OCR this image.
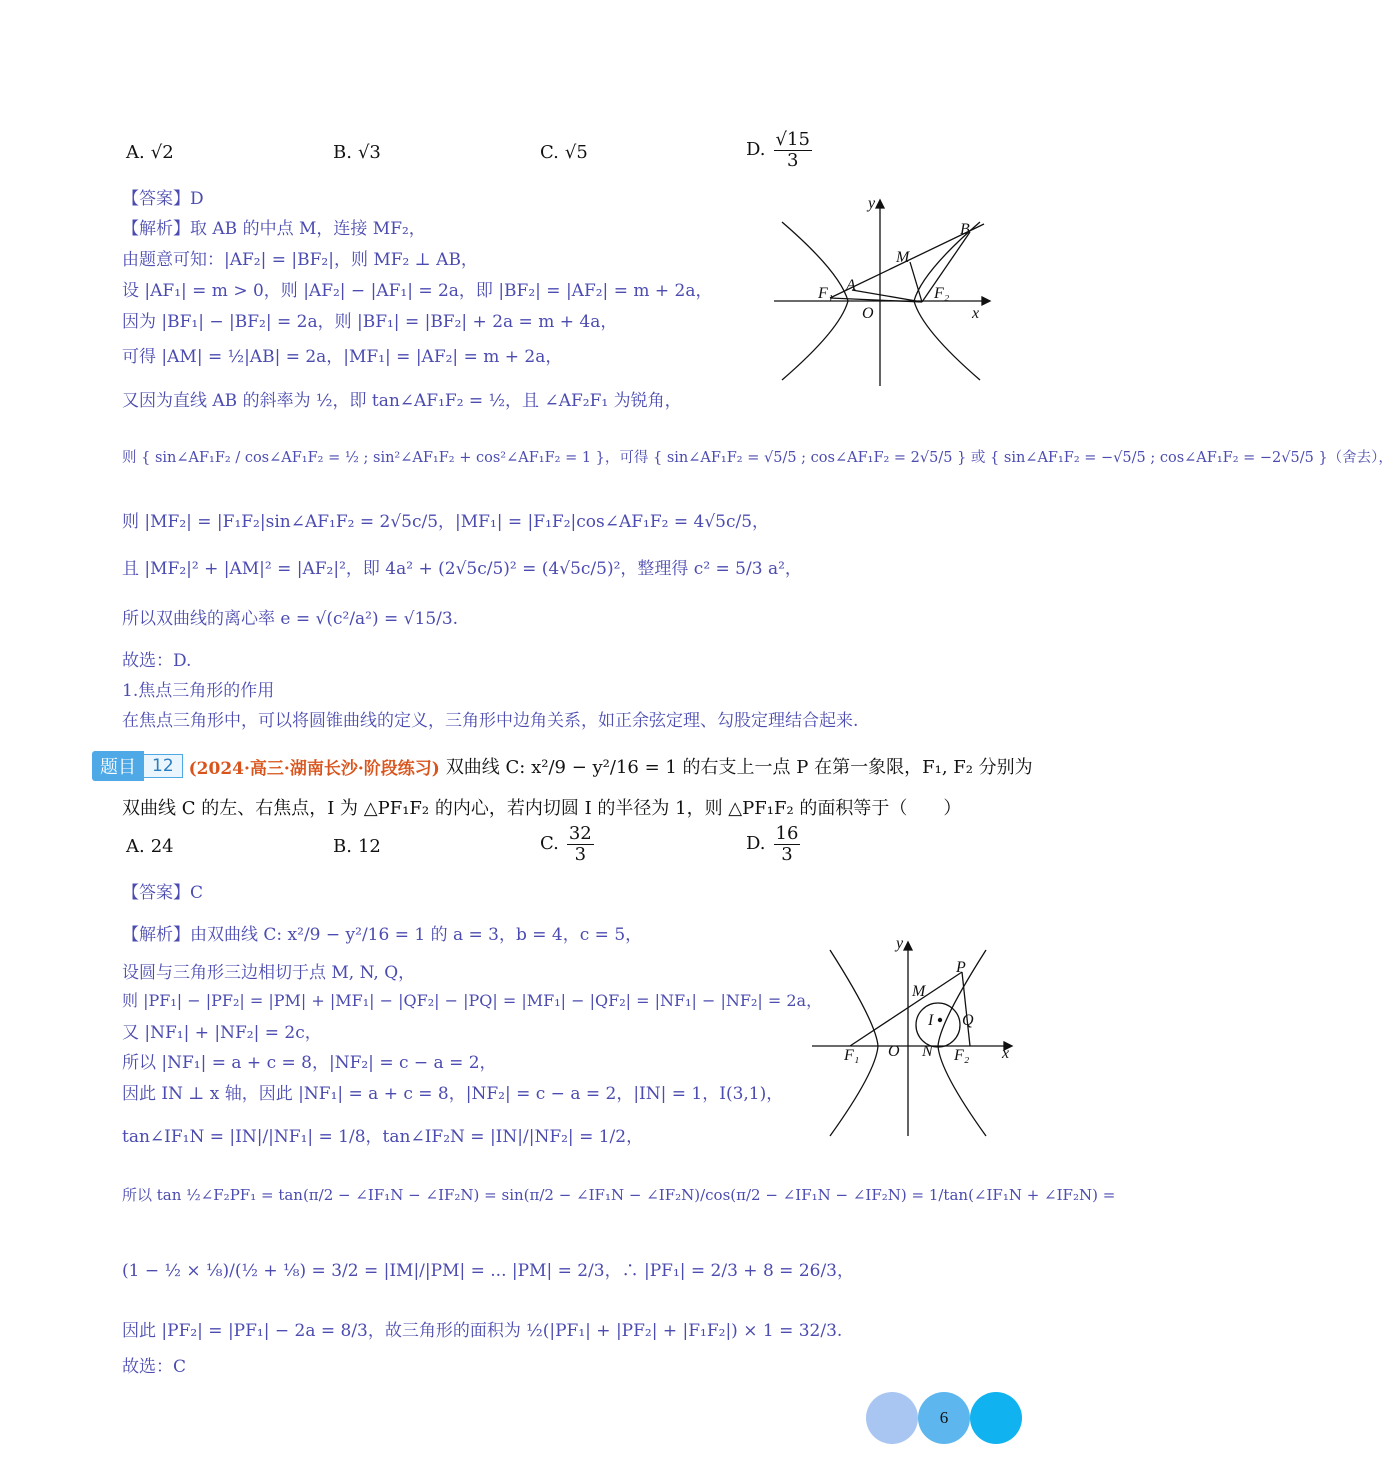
A. √2	B. √3	C. √5	D. $\frac{√15}{3}$
【答案】D
【解析】取 AB 的中点 M，连接 MF₂，
由题意可知：|AF₂| = |BF₂|，则 MF₂ ⊥ AB，
设 |AF₁| = m > 0，则 |AF₂| − |AF₁| = 2a，即 |BF₂| = |AF₂| = m + 2a，
因为 |BF₁| − |BF₂| = 2a，则 |BF₁| = |BF₂| + 2a = m + 4a，
可得 |AM| = ½|AB| = 2a，|MF₁| = |AF₂| = m + 2a，
又因为直线 AB 的斜率为 ½，即 tan∠AF₁F₂ = ½，且 ∠AF₂F₁ 为锐角，
则 { sin∠AF₁F₂ / cos∠AF₁F₂ = ½ ; sin²∠AF₁F₂ + cos²∠AF₁F₂ = 1 }，可得 { sin∠AF₁F₂ = √5/5 ; cos∠AF₁F₂ = 2√5/5 } 或 { sin∠AF₁F₂ = −√5/5 ; cos∠AF₁F₂ = −2√5/5 }（舍去），
则 |MF₂| = |F₁F₂|sin∠AF₁F₂ = 2√5c/5，|MF₁| = |F₁F₂|cos∠AF₁F₂ = 4√5c/5，
且 |MF₂|² + |AM|² = |AF₂|²，即 4a² + (2√5c/5)² = (4√5c/5)²，整理得 c² = 5/3 a²，
所以双曲线的离心率 e = √(c²/a²) = √15/3.
故选：D.
1.焦点三角形的作用
在焦点三角形中，可以将圆锥曲线的定义，三角形中边角关系，如正余弦定理、勾股定理结合起来.
y
x
B
M
A
F₁	F₂
O
题目 12 (2024·高三·湖南长沙·阶段练习) 双曲线 C: x²/9 − y²/16 = 1 的右支上一点 P 在第一象限，F₁, F₂ 分别为
双曲线 C 的左、右焦点，I 为 △PF₁F₂ 的内心，若内切圆 I 的半径为 1，则 △PF₁F₂ 的面积等于（　　）
A. 24	B. 12	C. $\frac{32}{3}$	D. $\frac{16}{3}$
【答案】C
【解析】由双曲线 C: x²/9 − y²/16 = 1 的 a = 3，b = 4，c = 5，
设圆与三角形三边相切于点 M, N, Q，
则 |PF₁| − |PF₂| = |PM| + |MF₁| − |QF₂| − |PQ| = |MF₁| − |QF₂| = |NF₁| − |NF₂| = 2a，
又 |NF₁| + |NF₂| = 2c，
所以 |NF₁| = a + c = 8，|NF₂| = c − a = 2，
因此 IN ⊥ x 轴，因此 |NF₁| = a + c = 8，|NF₂| = c − a = 2，|IN| = 1，I(3,1)，
tan∠IF₁N = |IN|/|NF₁| = 1/8，tan∠IF₂N = |IN|/|NF₂| = 1/2，
所以 tan ½∠F₂PF₁ = tan(π/2 − ∠IF₁N − ∠IF₂N) = sin(π/2 − ∠IF₁N − ∠IF₂N)/cos(π/2 − ∠IF₁N − ∠IF₂N) = 1/tan(∠IF₁N + ∠IF₂N) =
(1 − ½ × ⅛)/(½ + ⅛) = 3/2 = |IM|/|PM| = ... |PM| = 2/3，∴ |PF₁| = 2/3 + 8 = 26/3，
因此 |PF₂| = |PF₁| − 2a = 8/3，故三角形的面积为 ½(|PF₁| + |PF₂| + |F₁F₂|) × 1 = 32/3.
故选：C
y
x
P
M
I Q
F₁	F₂
O N
6
